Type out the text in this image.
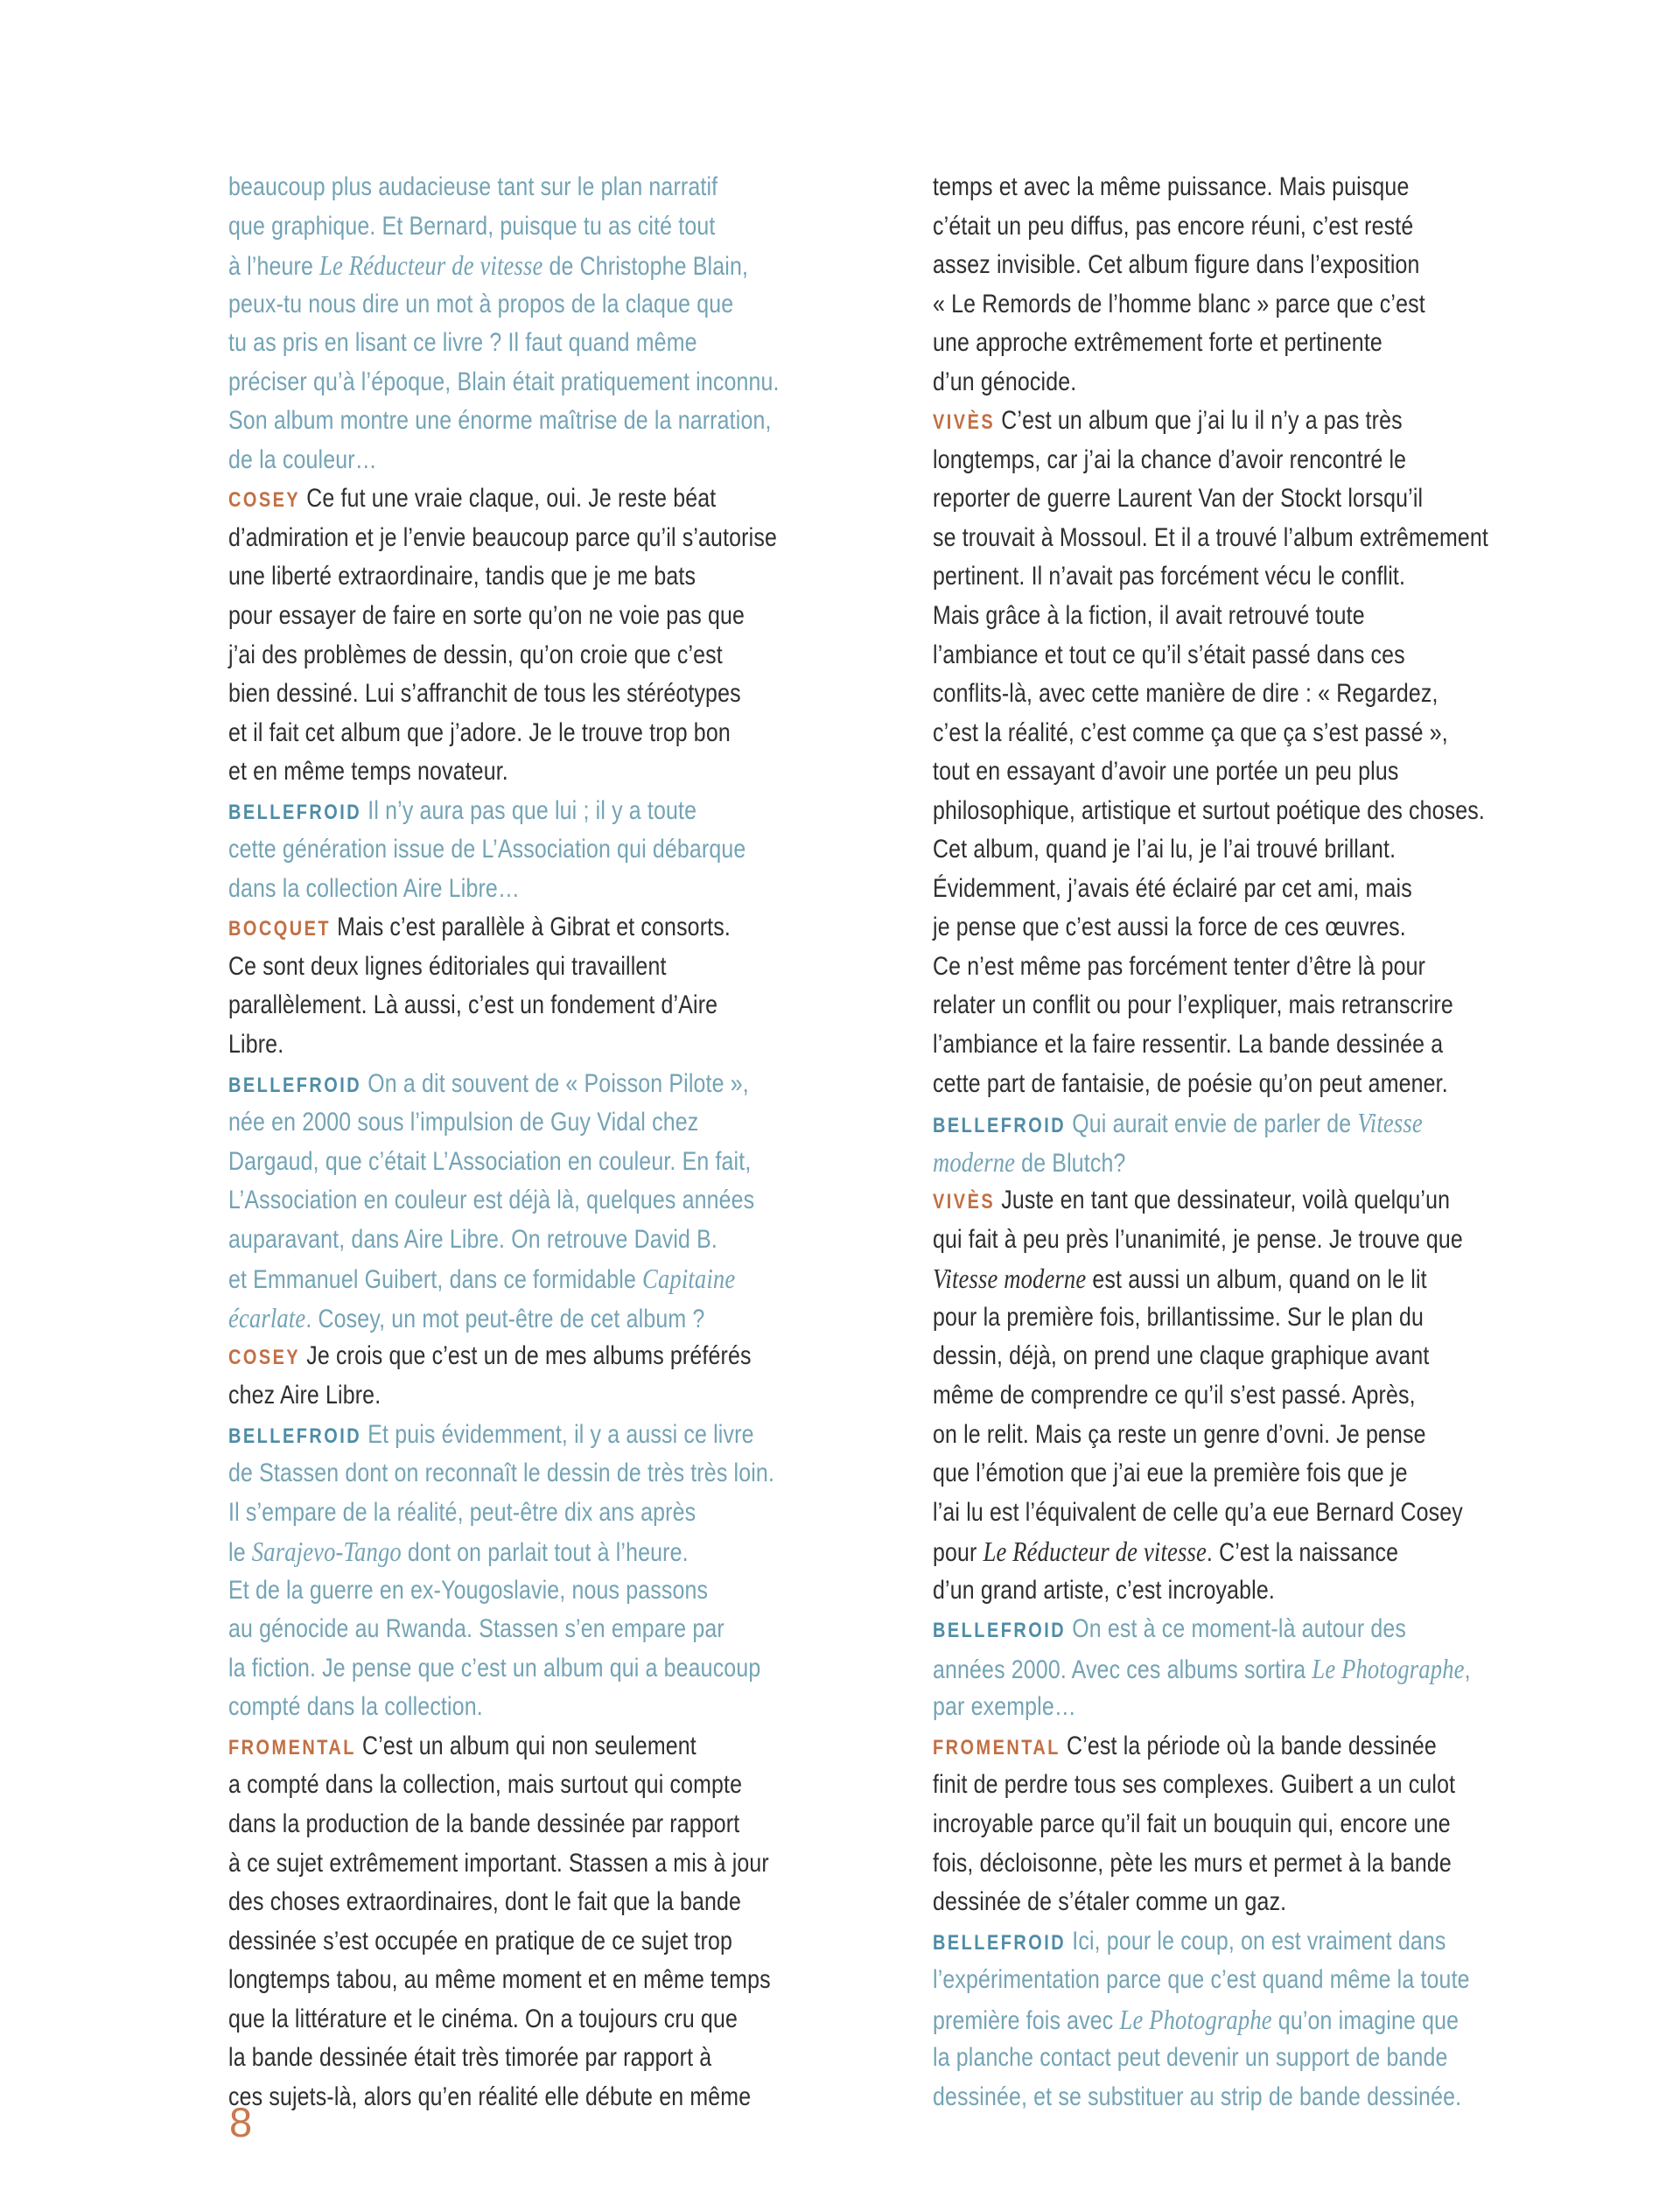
beaucoup plus audacieuse tant sur le plan narratif
que graphique. Et Bernard, puisque tu as cité tout
à l’heure Le Réducteur de vitesse de Christophe Blain,
peux-tu nous dire un mot à propos de la claque que
tu as pris en lisant ce livre ? Il faut quand même
préciser qu’à l’époque, Blain était pratiquement inconnu.
Son album montre une énorme maîtrise de la narration,
de la couleur…
COSEY Ce fut une vraie claque, oui. Je reste béat
d’admiration et je l’envie beaucoup parce qu’il s’autorise
une liberté extraordinaire, tandis que je me bats
pour essayer de faire en sorte qu’on ne voie pas que
j’ai des problèmes de dessin, qu’on croie que c’est
bien dessiné. Lui s’affranchit de tous les stéréotypes
et il fait cet album que j’adore. Je le trouve trop bon
et en même temps novateur.
BELLEFROID Il n’y aura pas que lui ; il y a toute
cette génération issue de L’Association qui débarque
dans la collection Aire Libre…
BOCQUET Mais c’est parallèle à Gibrat et consorts.
Ce sont deux lignes éditoriales qui travaillent
parallèlement. Là aussi, c’est un fondement d’Aire
Libre.
BELLEFROID On a dit souvent de « Poisson Pilote »,
née en 2000 sous l’impulsion de Guy Vidal chez
Dargaud, que c’était L’Association en couleur. En fait,
L’Association en couleur est déjà là, quelques années
auparavant, dans Aire Libre. On retrouve David B.
et Emmanuel Guibert, dans ce formidable Capitaine
écarlate. Cosey, un mot peut-être de cet album ?
COSEY Je crois que c’est un de mes albums préférés
chez Aire Libre.
BELLEFROID Et puis évidemment, il y a aussi ce livre
de Stassen dont on reconnaît le dessin de très très loin.
Il s’empare de la réalité, peut-être dix ans après
le Sarajevo-Tango dont on parlait tout à l’heure.
Et de la guerre en ex-Yougoslavie, nous passons
au génocide au Rwanda. Stassen s’en empare par
la fiction. Je pense que c’est un album qui a beaucoup
compté dans la collection.
FROMENTAL C’est un album qui non seulement
a compté dans la collection, mais surtout qui compte
dans la production de la bande dessinée par rapport
à ce sujet extrêmement important. Stassen a mis à jour
des choses extraordinaires, dont le fait que la bande
dessinée s’est occupée en pratique de ce sujet trop
longtemps tabou, au même moment et en même temps
que la littérature et le cinéma. On a toujours cru que
la bande dessinée était très timorée par rapport à
ces sujets-là, alors qu’en réalité elle débute en même
temps et avec la même puissance. Mais puisque
c’était un peu diffus, pas encore réuni, c’est resté
assez invisible. Cet album figure dans l’exposition
« Le Remords de l’homme blanc » parce que c’est
une approche extrêmement forte et pertinente
d’un génocide.
VIVÈS C’est un album que j’ai lu il n’y a pas très
longtemps, car j’ai la chance d’avoir rencontré le
reporter de guerre Laurent Van der Stockt lorsqu’il
se trouvait à Mossoul. Et il a trouvé l’album extrêmement
pertinent. Il n’avait pas forcément vécu le conflit.
Mais grâce à la fiction, il avait retrouvé toute
l’ambiance et tout ce qu’il s’était passé dans ces
conflits-là, avec cette manière de dire : « Regardez,
c’est la réalité, c’est comme ça que ça s’est passé »,
tout en essayant d’avoir une portée un peu plus
philosophique, artistique et surtout poétique des choses.
Cet album, quand je l’ai lu, je l’ai trouvé brillant.
Évidemment, j’avais été éclairé par cet ami, mais
je pense que c’est aussi la force de ces œuvres.
Ce n’est même pas forcément tenter d’être là pour
relater un conflit ou pour l’expliquer, mais retranscrire
l’ambiance et la faire ressentir. La bande dessinée a
cette part de fantaisie, de poésie qu’on peut amener.
BELLEFROID Qui aurait envie de parler de Vitesse
moderne de Blutch?
VIVÈS Juste en tant que dessinateur, voilà quelqu’un
qui fait à peu près l’unanimité, je pense. Je trouve que
Vitesse moderne est aussi un album, quand on le lit
pour la première fois, brillantissime. Sur le plan du
dessin, déjà, on prend une claque graphique avant
même de comprendre ce qu’il s’est passé. Après,
on le relit. Mais ça reste un genre d’ovni. Je pense
que l’émotion que j’ai eue la première fois que je
l’ai lu est l’équivalent de celle qu’a eue Bernard Cosey
pour Le Réducteur de vitesse. C’est la naissance
d’un grand artiste, c’est incroyable.
BELLEFROID On est à ce moment-là autour des
années 2000. Avec ces albums sortira Le Photographe,
par exemple…
FROMENTAL C’est la période où la bande dessinée
finit de perdre tous ses complexes. Guibert a un culot
incroyable parce qu’il fait un bouquin qui, encore une
fois, décloisonne, pète les murs et permet à la bande
dessinée de s’étaler comme un gaz.
BELLEFROID Ici, pour le coup, on est vraiment dans
l’expérimentation parce que c’est quand même la toute
première fois avec Le Photographe qu’on imagine que
la planche contact peut devenir un support de bande
dessinée, et se substituer au strip de bande dessinée.
8
